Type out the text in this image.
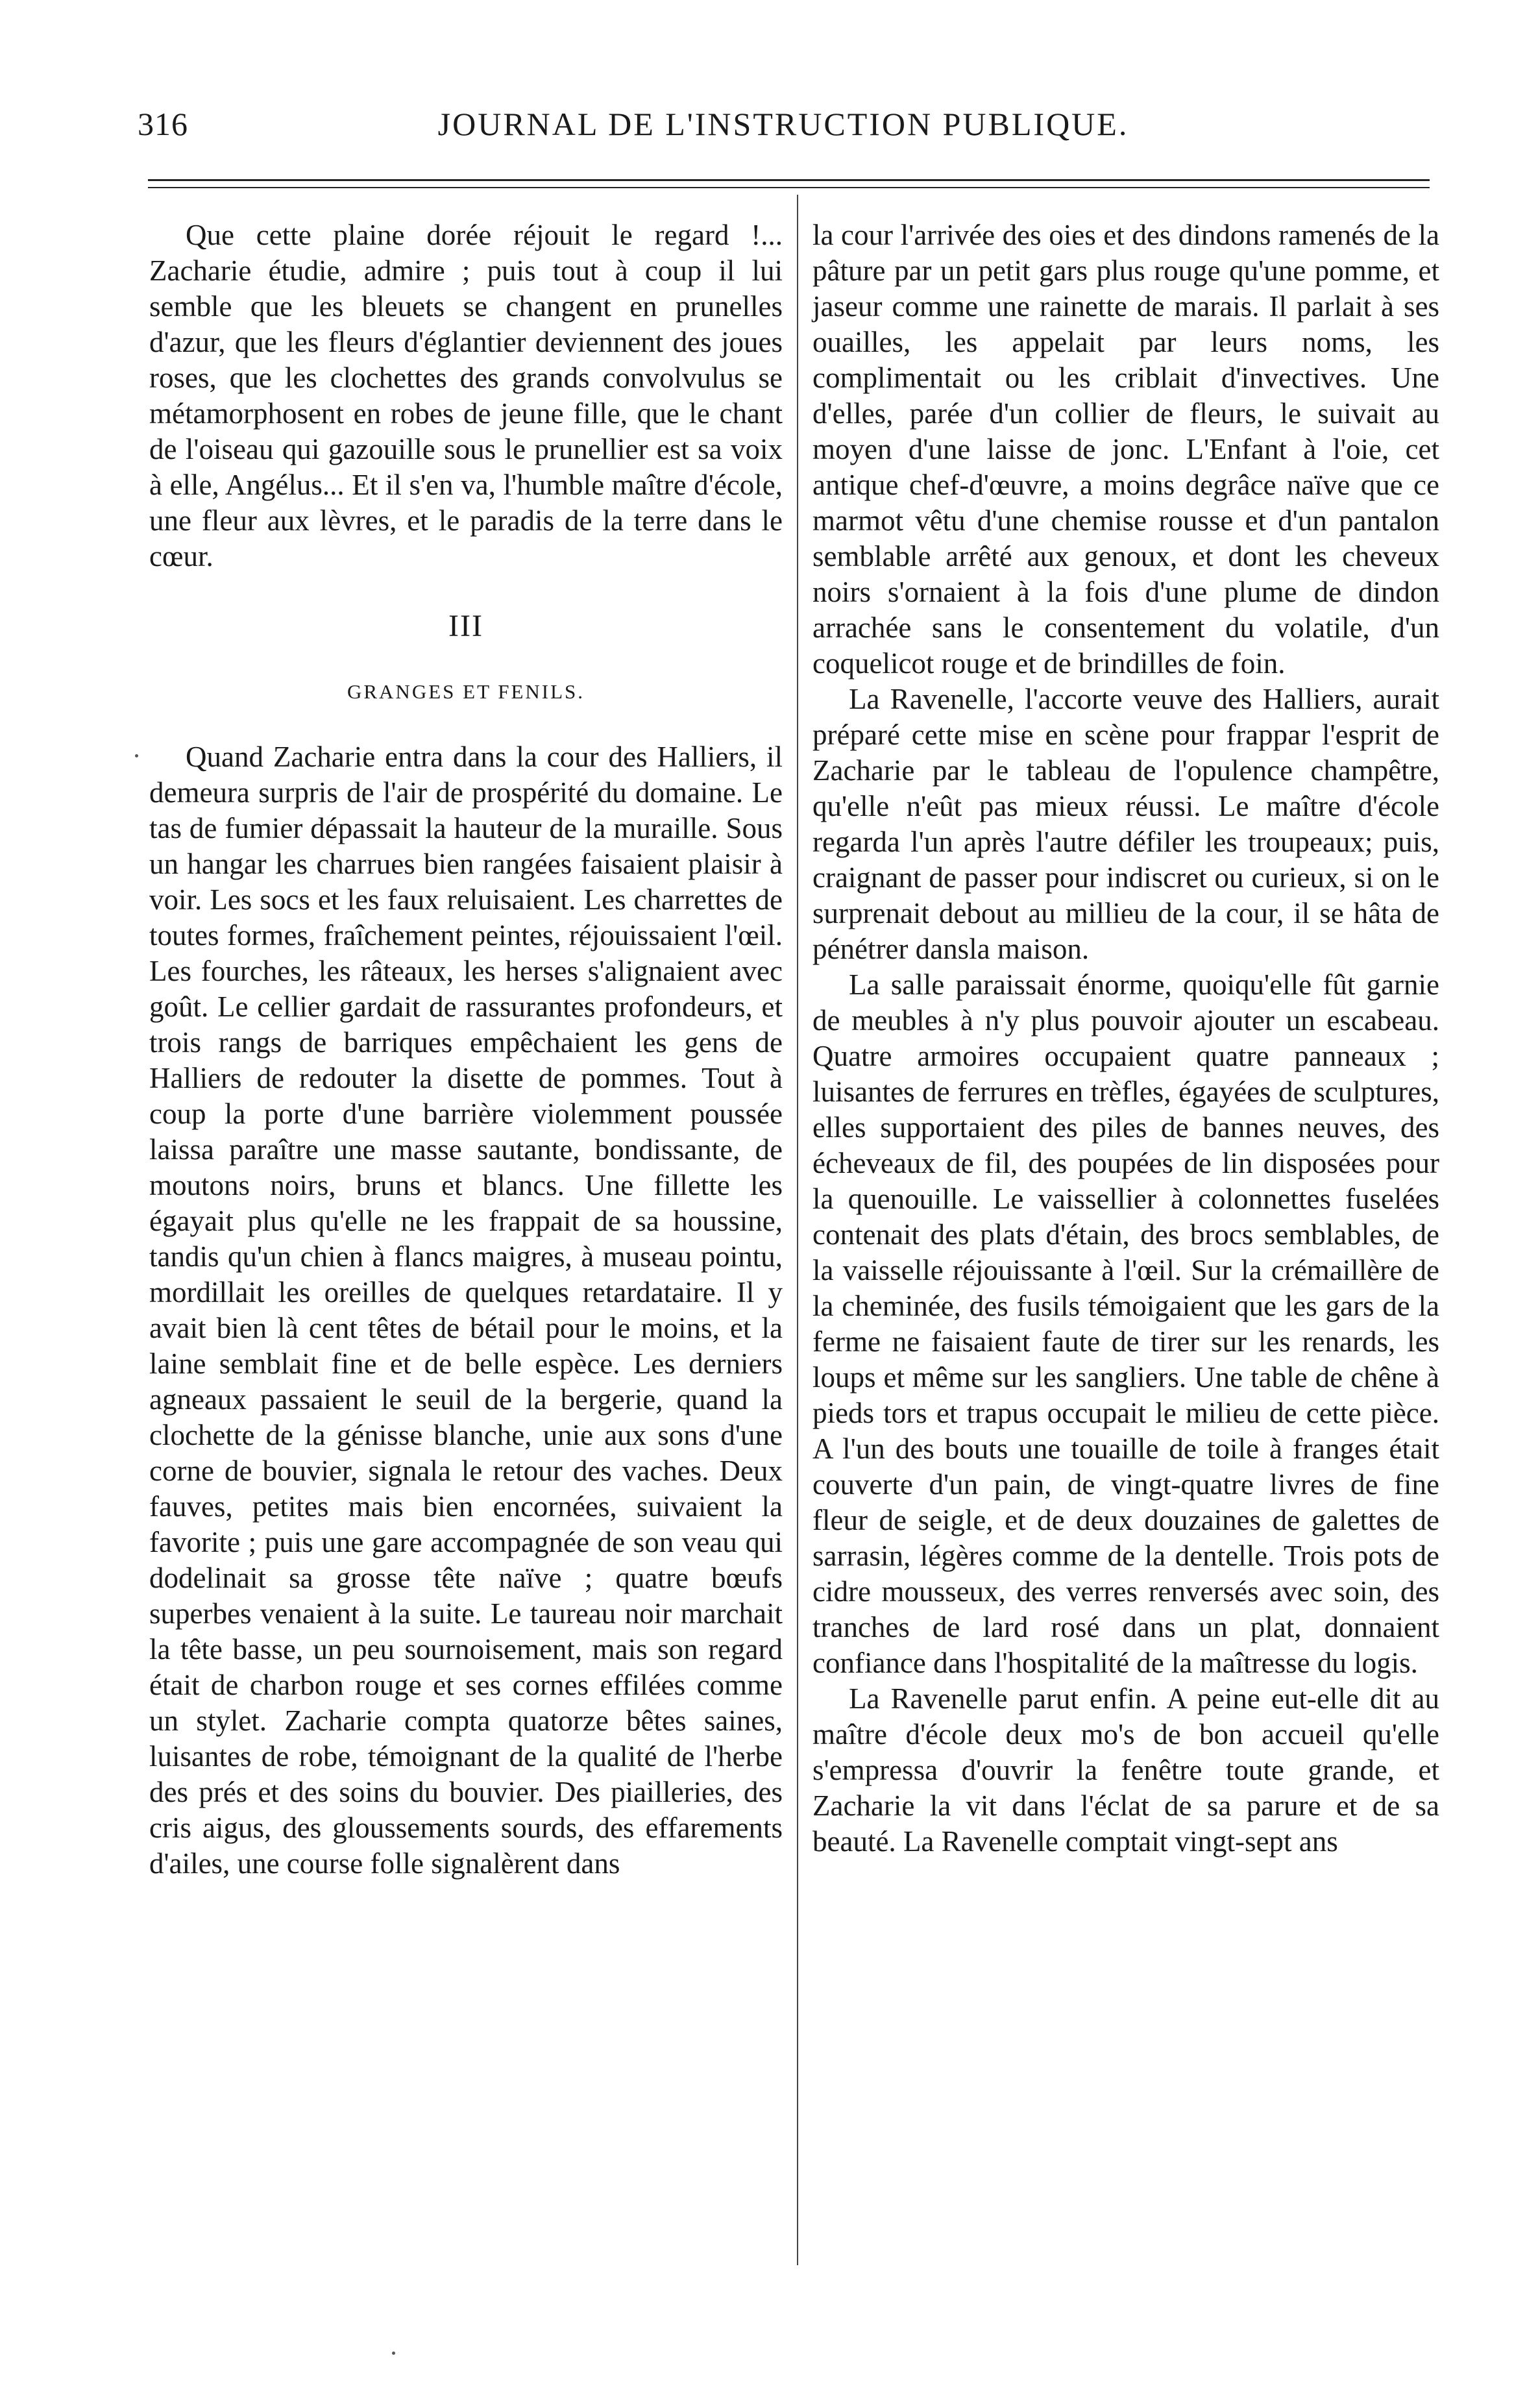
316	JOURNAL DE L'INSTRUCTION PUBLIQUE.

Que cette plaine dorée réjouit le regard !... Zacharie étudie, admire ; puis tout à coup il lui semble que les bleuets se changent en prunelles d'azur, que les fleurs d'églantier deviennent des joues roses, que les clochettes des grands convolvulus se métamorphosent en robes de jeune fille, que le chant de l'oiseau qui gazouille sous le prunellier est sa voix à elle, Angélus... Et il s'en va, l'humble maître d'école, une fleur aux lèvres, et le paradis de la terre dans le cœur.

III
GRANGES ET FENILS.

Quand Zacharie entra dans la cour des Halliers, il demeura surpris de l'air de prospérité du domaine. Le tas de fumier dépassait la hauteur de la muraille. Sous un hangar les charrues bien rangées faisaient plaisir à voir. Les socs et les faux reluisaient. Les charrettes de toutes formes, fraîchement peintes, réjouissaient l'œil. Les fourches, les râteaux, les herses s'alignaient avec goût. Le cellier gardait de rassurantes profondeurs, et trois rangs de barriques empêchaient les gens de Halliers de redouter la disette de pommes. Tout à coup la porte d'une barrière violemment poussée laissa paraître une masse sautante, bondissante, de moutons noirs, bruns et blancs. Une fillette les égayait plus qu'elle ne les frappait de sa houssine, tandis qu'un chien à flancs maigres, à museau pointu, mordillait les oreilles de quelques retardataire. Il y avait bien là cent têtes de bétail pour le moins, et la laine semblait fine et de belle espèce. Les derniers agneaux passaient le seuil de la bergerie, quand la clochette de la génisse blanche, unie aux sons d'une corne de bouvier, signala le retour des vaches. Deux fauves, petites mais bien encornées, suivaient la favorite ; puis une gare accompagnée de son veau qui dodelinait sa grosse tête naïve ; quatre bœufs superbes venaient à la suite. Le taureau noir marchait la tête basse, un peu sournoisement, mais son regard était de charbon rouge et ses cornes effilées comme un stylet. Zacharie compta quatorze bêtes saines, luisantes de robe, témoignant de la qualité de l'herbe des prés et des soins du bouvier. Des piailleries, des cris aigus, des gloussements sourds, des effarements d'ailes, une course folle signalèrent dans

la cour l'arrivée des oies et des dindons ramenés de la pâture par un petit gars plus rouge qu'une pomme, et jaseur comme une rainette de marais. Il parlait à ses ouailles, les appelait par leurs noms, les complimentait ou les criblait d'invectives. Une d'elles, parée d'un collier de fleurs, le suivait au moyen d'une laisse de jonc. L'Enfant à l'oie, cet antique chef-d'œuvre, a moins degrâce naïve que ce marmot vêtu d'une chemise rousse et d'un pantalon semblable arrêté aux genoux, et dont les cheveux noirs s'ornaient à la fois d'une plume de dindon arrachée sans le consentement du volatile, d'un coquelicot rouge et de brindilles de foin.

La Ravenelle, l'accorte veuve des Halliers, aurait préparé cette mise en scène pour frappar l'esprit de Zacharie par le tableau de l'opulence champêtre, qu'elle n'eût pas mieux réussi. Le maître d'école regarda l'un après l'autre défiler les troupeaux; puis, craignant de passer pour indiscret ou curieux, si on le surprenait debout au millieu de la cour, il se hâta de pénétrer dansla maison.

La salle paraissait énorme, quoiqu'elle fût garnie de meubles à n'y plus pouvoir ajouter un escabeau. Quatre armoires occupaient quatre panneaux ; luisantes de ferrures en trèfles, égayées de sculptures, elles supportaient des piles de bannes neuves, des écheveaux de fil, des poupées de lin disposées pour la quenouille. Le vaissellier à colonnettes fuselées contenait des plats d'étain, des brocs semblables, de la vaisselle réjouissante à l'œil. Sur la crémaillère de la cheminée, des fusils témoigaient que les gars de la ferme ne faisaient faute de tirer sur les renards, les loups et même sur les sangliers. Une table de chêne à pieds tors et trapus occupait le milieu de cette pièce. A l'un des bouts une touaille de toile à franges était couverte d'un pain, de vingt-quatre livres de fine fleur de seigle, et de deux douzaines de galettes de sarrasin, légères comme de la dentelle. Trois pots de cidre mousseux, des verres renversés avec soin, des tranches de lard rosé dans un plat, donnaient confiance dans l'hospitalité de la maîtresse du logis.

La Ravenelle parut enfin. A peine eut-elle dit au maître d'école deux mo's de bon accueil qu'elle s'empressa d'ouvrir la fenêtre toute grande, et Zacharie la vit dans l'éclat de sa parure et de sa beauté. La Ravenelle comptait vingt-sept ans
